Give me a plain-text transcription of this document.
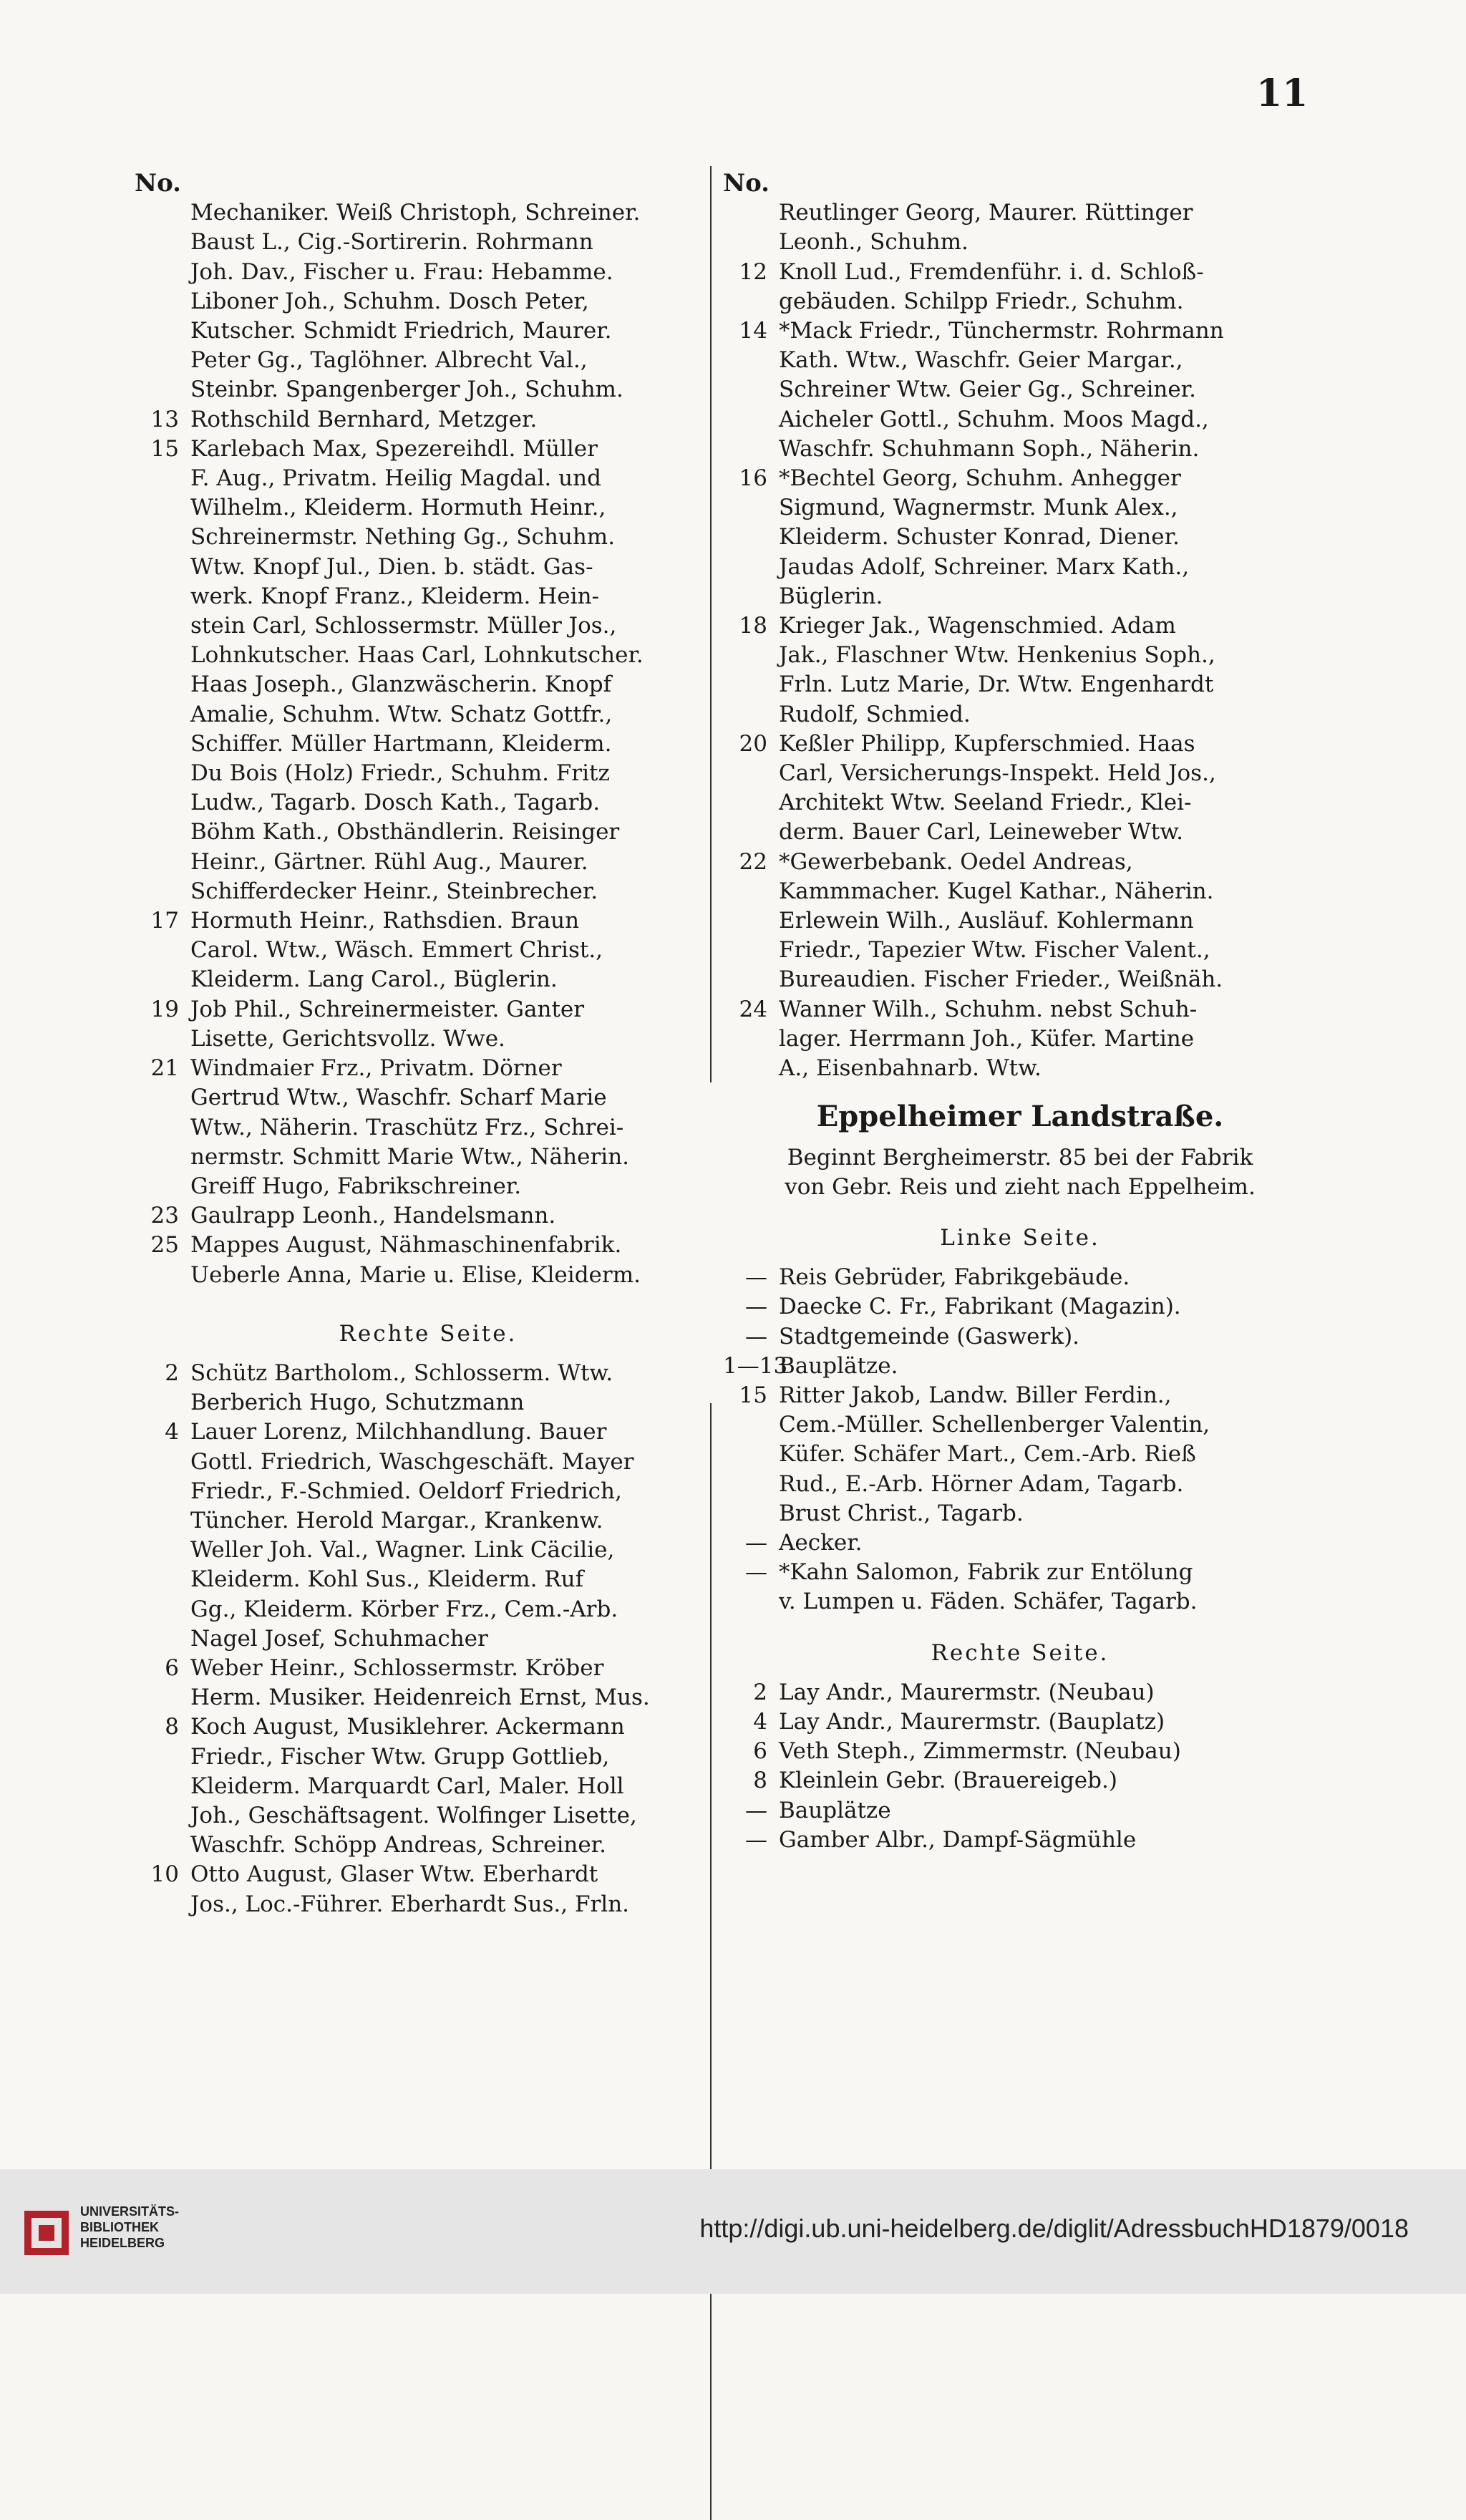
11
No.
Mechaniker. Weiß Christoph, Schreiner.
Baust L., Cig.-Sortirerin. Rohrmann
Joh. Dav., Fischer u. Frau: Hebamme.
Liboner Joh., Schuhm. Dosch Peter,
Kutscher. Schmidt Friedrich, Maurer.
Peter Gg., Taglöhner. Albrecht Val.,
Steinbr. Spangenberger Joh., Schuhm.
13 Rothschild Bernhard, Metzger.
15 Karlebach Max, Spezereihdl. Müller
F. Aug., Privatm. Heilig Magdal. und
Wilhelm., Kleiderm. Hormuth Heinr.,
Schreinermstr. Nething Gg., Schuhm.
Wtw. Knopf Jul., Dien. b. städt. Gas-
werk. Knopf Franz., Kleiderm. Hein-
stein Carl, Schlossermstr. Müller Jos.,
Lohnkutscher. Haas Carl, Lohnkutscher.
Haas Joseph., Glanzwäscherin. Knopf
Amalie, Schuhm. Wtw. Schatz Gottfr.,
Schiffer. Müller Hartmann, Kleiderm.
Du Bois (Holz) Friedr., Schuhm. Fritz
Ludw., Tagarb. Dosch Kath., Tagarb.
Böhm Kath., Obsthändlerin. Reisinger
Heinr., Gärtner. Rühl Aug., Maurer.
Schifferdecker Heinr., Steinbrecher.
17 Hormuth Heinr., Rathsdien. Braun
Carol. Wtw., Wäsch. Emmert Christ.,
Kleiderm. Lang Carol., Büglerin.
19 Job Phil., Schreinermeister. Ganter
Lisette, Gerichtsvollz. Wwe.
21 Windmaier Frz., Privatm. Dörner
Gertrud Wtw., Waschfr. Scharf Marie
Wtw., Näherin. Traschütz Frz., Schrei-
nermstr. Schmitt Marie Wtw., Näherin.
Greiff Hugo, Fabrikschreiner.
23 Gaulrapp Leonh., Handelsmann.
25 Mappes August, Nähmaschinenfabrik.
Ueberle Anna, Marie u. Elise, Kleiderm.
Rechte Seite.
2 Schütz Bartholom., Schlosserm. Wtw.
Berberich Hugo, Schutzmann
4 Lauer Lorenz, Milchhandlung. Bauer
Gottl. Friedrich, Waschgeschäft. Mayer
Friedr., F.-Schmied. Oeldorf Friedrich,
Tüncher. Herold Margar., Krankenw.
Weller Joh. Val., Wagner. Link Cäcilie,
Kleiderm. Kohl Sus., Kleiderm. Ruf
Gg., Kleiderm. Körber Frz., Cem.-Arb.
Nagel Josef, Schuhmacher
6 Weber Heinr., Schlossermstr. Kröber
Herm. Musiker. Heidenreich Ernst, Mus.
8 Koch August, Musiklehrer. Ackermann
Friedr., Fischer Wtw. Grupp Gottlieb,
Kleiderm. Marquardt Carl, Maler. Holl
Joh., Geschäftsagent. Wolfinger Lisette,
Waschfr. Schöpp Andreas, Schreiner.
10 Otto August, Glaser Wtw. Eberhardt
Jos., Loc.-Führer. Eberhardt Sus., Frln.
No.
Reutlinger Georg, Maurer. Rüttinger
Leonh., Schuhm.
12 Knoll Lud., Fremdenführ. i. d. Schloß-
gebäuden. Schilpp Friedr., Schuhm.
14 *Mack Friedr., Tünchermstr. Rohrmann
Kath. Wtw., Waschfr. Geier Margar.,
Schreiner Wtw. Geier Gg., Schreiner.
Aicheler Gottl., Schuhm. Moos Magd.,
Waschfr. Schuhmann Soph., Näherin.
16 *Bechtel Georg, Schuhm. Anhegger
Sigmund, Wagnermstr. Munk Alex.,
Kleiderm. Schuster Konrad, Diener.
Jaudas Adolf, Schreiner. Marx Kath.,
Büglerin.
18 Krieger Jak., Wagenschmied. Adam
Jak., Flaschner Wtw. Henkenius Soph.,
Frln. Lutz Marie, Dr. Wtw. Engenhardt
Rudolf, Schmied.
20 Keßler Philipp, Kupferschmied. Haas
Carl, Versicherungs-Inspekt. Held Jos.,
Architekt Wtw. Seeland Friedr., Klei-
derm. Bauer Carl, Leineweber Wtw.
22 *Gewerbebank. Oedel Andreas,
Kammmacher. Kugel Kathar., Näherin.
Erlewein Wilh., Ausläuf. Kohlermann
Friedr., Tapezier Wtw. Fischer Valent.,
Bureaudien. Fischer Frieder., Weißnäh.
24 Wanner Wilh., Schuhm. nebst Schuh-
lager. Herrmann Joh., Küfer. Martine
A., Eisenbahnarb. Wtw.
Eppelheimer Landstraße.
Beginnt Bergheimerstr. 85 bei der Fabrik
von Gebr. Reis und zieht nach Eppelheim.
Linke Seite.
— Reis Gebrüder, Fabrikgebäude.
— Daecke C. Fr., Fabrikant (Magazin).
— Stadtgemeinde (Gaswerk).
1—13
Bauplätze.
15 Ritter Jakob, Landw. Biller Ferdin.,
Cem.-Müller. Schellenberger Valentin,
Küfer. Schäfer Mart., Cem.-Arb. Rieß
Rud., E.-Arb. Hörner Adam, Tagarb.
Brust Christ., Tagarb.
— Aecker.
— *Kahn Salomon, Fabrik zur Entölung
v. Lumpen u. Fäden. Schäfer, Tagarb.
Rechte Seite.
2 Lay Andr., Maurermstr. (Neubau)
4 Lay Andr., Maurermstr. (Bauplatz)
6 Veth Steph., Zimmermstr. (Neubau)
8 Kleinlein Gebr. (Brauereigeb.)
— Bauplätze
— Gamber Albr., Dampf-Sägmühle
UNIVERSITÄTS-
BIBLIOTHEK
HEIDELBERG	http://digi.ub.uni-heidelberg.de/diglit/AdressbuchHD1879/0018
